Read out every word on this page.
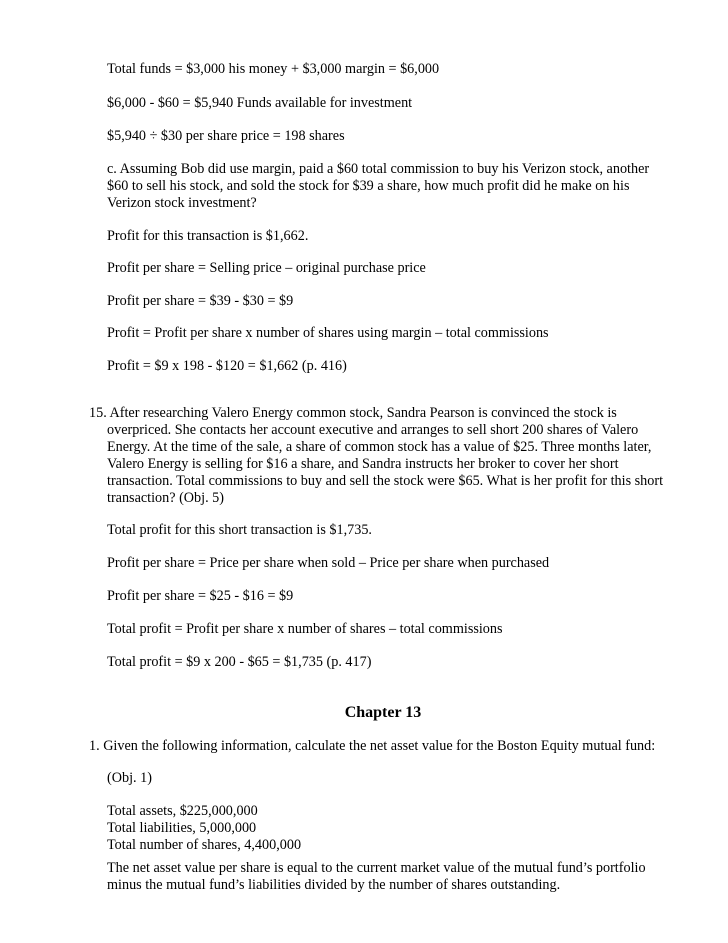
Total funds = $3,000 his money + $3,000 margin = $6,000
$6,000 - $60 = $5,940 Funds available for investment
$5,940 ÷ $30 per share price = 198 shares
c. Assuming Bob did use margin, paid a $60 total commission to buy his Verizon stock, another
$60 to sell his stock, and sold the stock for $39 a share, how much profit did he make on his
Verizon stock investment?
Profit for this transaction is $1,662.
Profit per share = Selling price – original purchase price
Profit per share = $39 - $30 = $9
Profit = Profit per share x number of shares using margin – total commissions
Profit = $9 x 198 - $120 = $1,662 (p. 416)
15. After researching Valero Energy common stock, Sandra Pearson is convinced the stock is
overpriced. She contacts her account executive and arranges to sell short 200 shares of Valero
Energy. At the time of the sale, a share of common stock has a value of $25. Three months later,
Valero Energy is selling for $16 a share, and Sandra instructs her broker to cover her short
transaction. Total commissions to buy and sell the stock were $65. What is her profit for this short
transaction? (Obj. 5)
Total profit for this short transaction is $1,735.
Profit per share = Price per share when sold – Price per share when purchased
Profit per share = $25 - $16 = $9
Total profit = Profit per share x number of shares – total commissions
Total profit = $9 x 200 - $65 = $1,735 (p. 417)
Chapter 13
1. Given the following information, calculate the net asset value for the Boston Equity mutual fund:
(Obj. 1)
Total assets, $225,000,000
Total liabilities, 5,000,000
Total number of shares, 4,400,000
The net asset value per share is equal to the current market value of the mutual fund’s portfolio
minus the mutual fund’s liabilities divided by the number of shares outstanding.
